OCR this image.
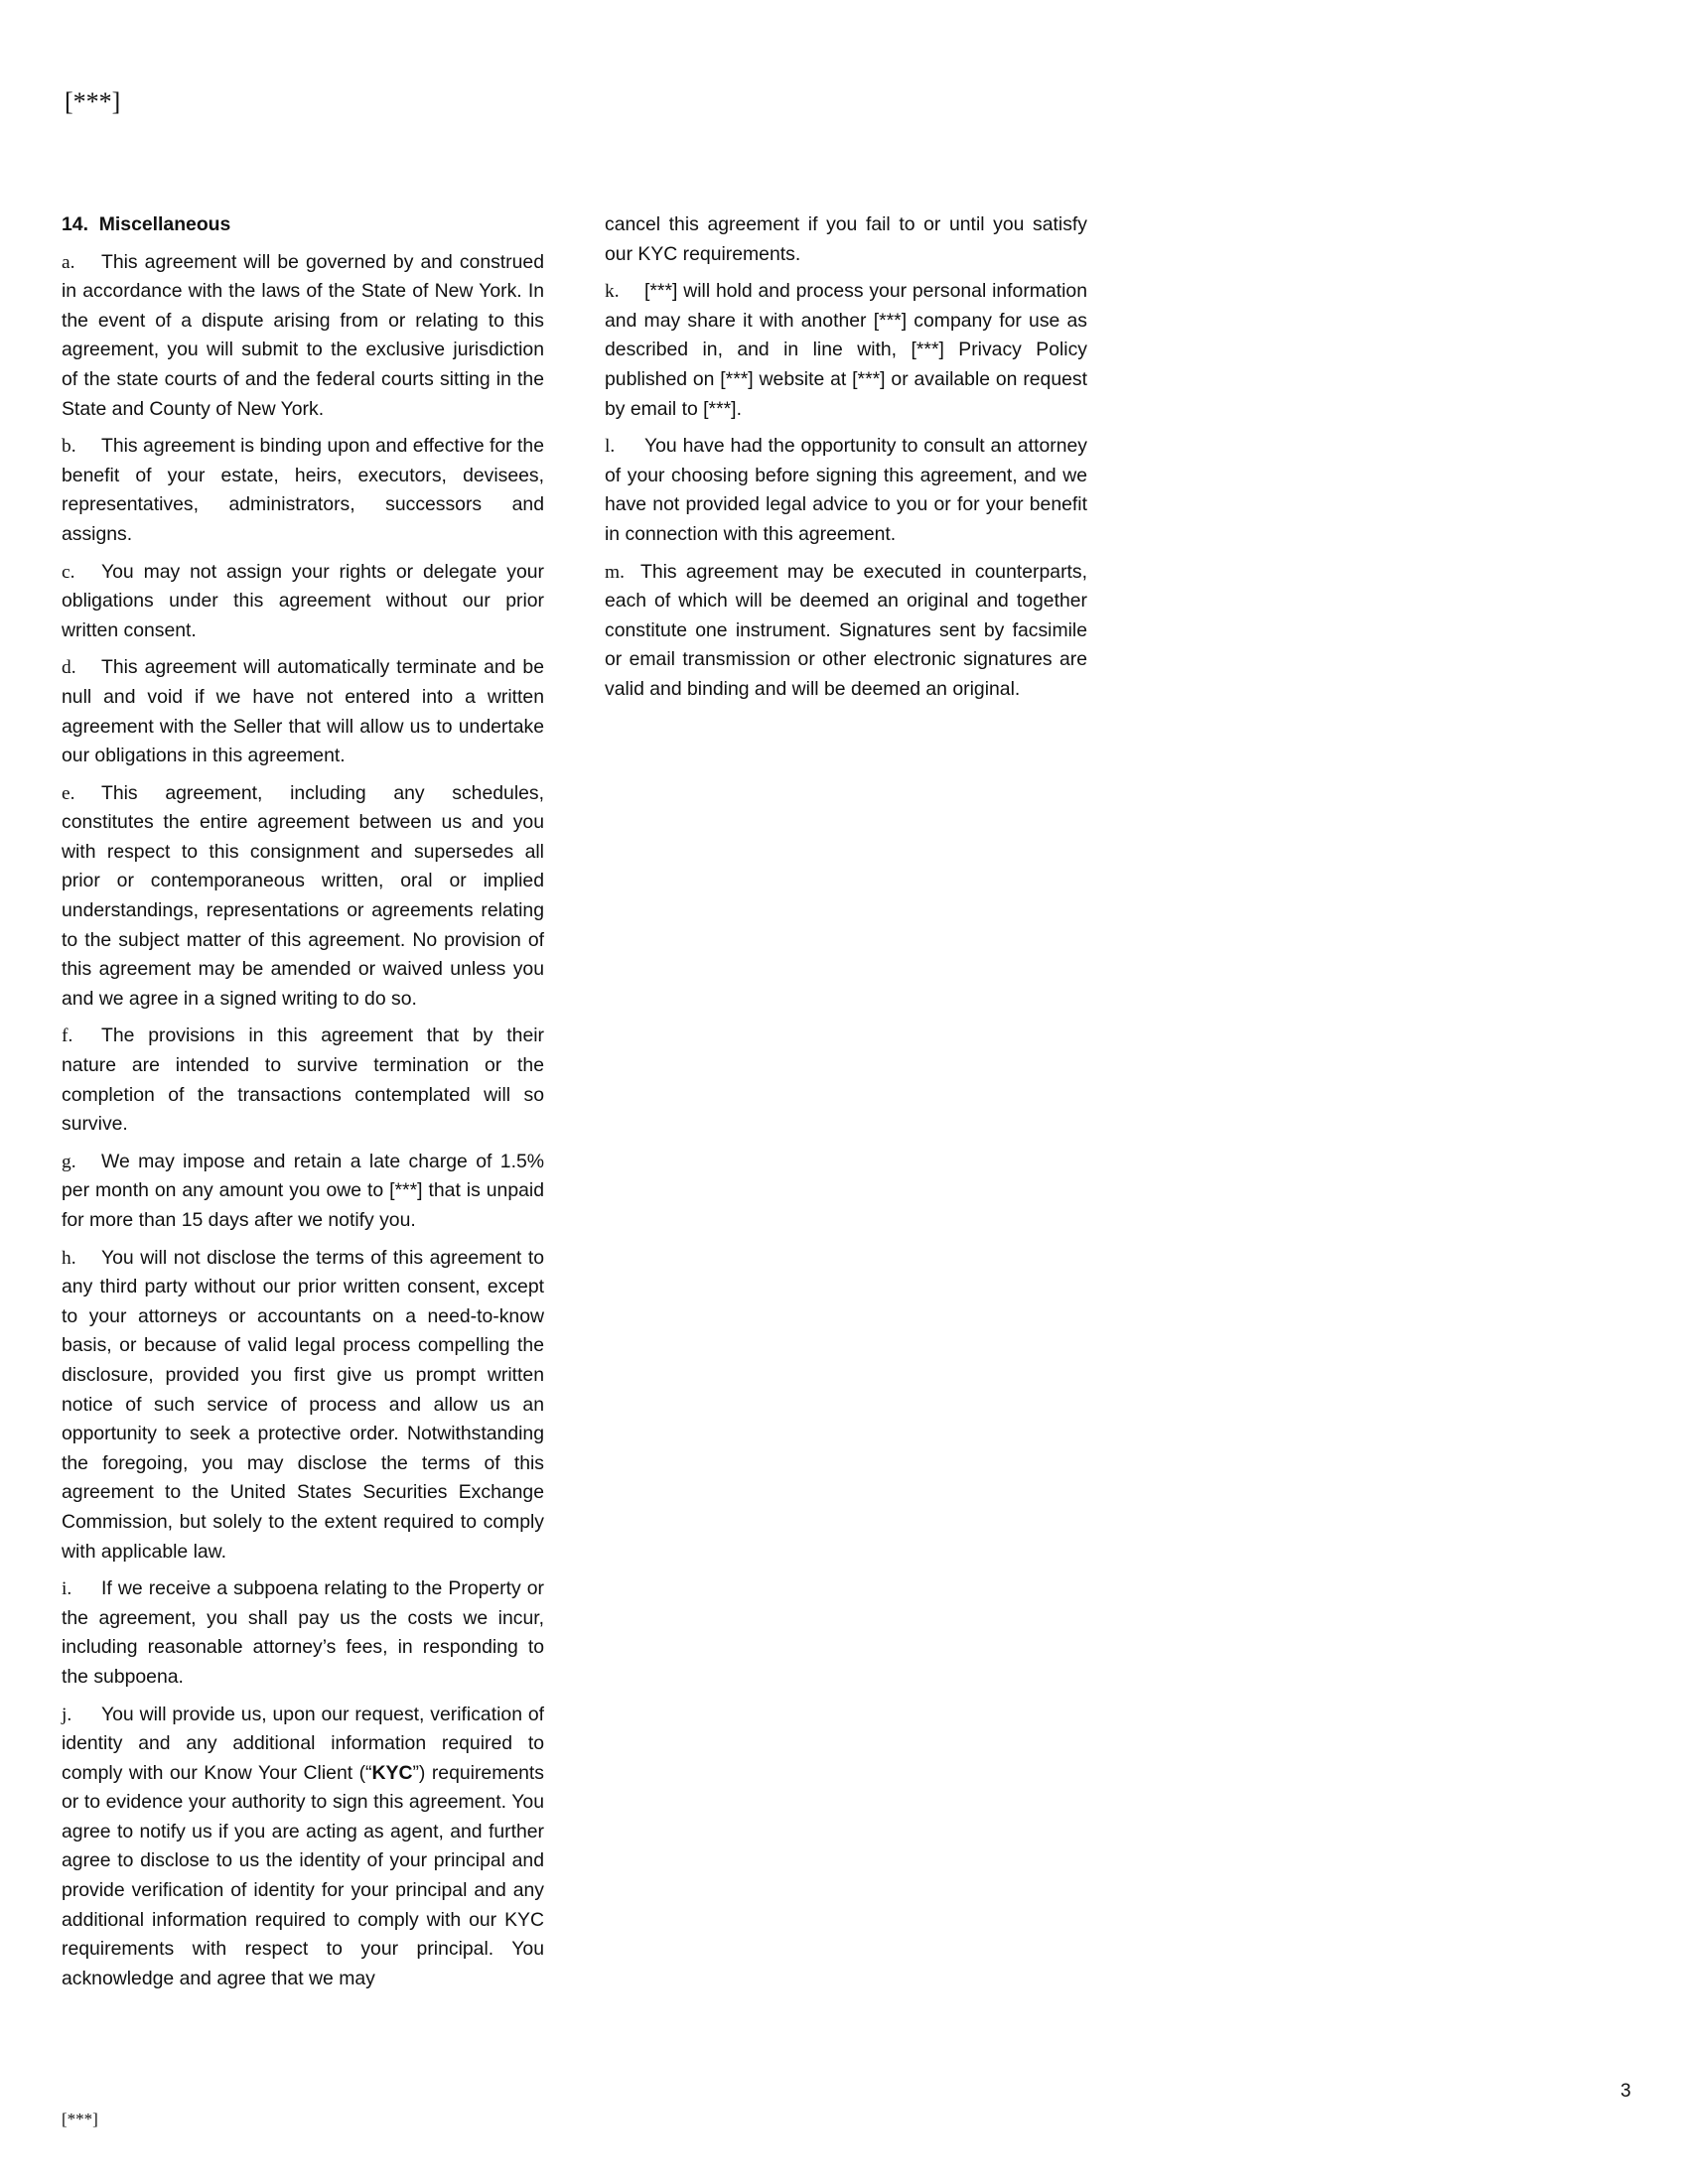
[***]
14. Miscellaneous
a. This agreement will be governed by and construed in accordance with the laws of the State of New York. In the event of a dispute arising from or relating to this agreement, you will submit to the exclusive jurisdiction of the state courts of and the federal courts sitting in the State and County of New York.
b. This agreement is binding upon and effective for the benefit of your estate, heirs, executors, devisees, representatives, administrators, successors and assigns.
c. You may not assign your rights or delegate your obligations under this agreement without our prior written consent.
d. This agreement will automatically terminate and be null and void if we have not entered into a written agreement with the Seller that will allow us to undertake our obligations in this agreement.
e. This agreement, including any schedules, constitutes the entire agreement between us and you with respect to this consignment and supersedes all prior or contemporaneous written, oral or implied understandings, representations or agreements relating to the subject matter of this agreement. No provision of this agreement may be amended or waived unless you and we agree in a signed writing to do so.
f. The provisions in this agreement that by their nature are intended to survive termination or the completion of the transactions contemplated will so survive.
g. We may impose and retain a late charge of 1.5% per month on any amount you owe to [***] that is unpaid for more than 15 days after we notify you.
h. You will not disclose the terms of this agreement to any third party without our prior written consent, except to your attorneys or accountants on a need-to-know basis, or because of valid legal process compelling the disclosure, provided you first give us prompt written notice of such service of process and allow us an opportunity to seek a protective order. Notwithstanding the foregoing, you may disclose the terms of this agreement to the United States Securities Exchange Commission, but solely to the extent required to comply with applicable law.
i. If we receive a subpoena relating to the Property or the agreement, you shall pay us the costs we incur, including reasonable attorney’s fees, in responding to the subpoena.
j. You will provide us, upon our request, verification of identity and any additional information required to comply with our Know Your Client (“KYC”) requirements or to evidence your authority to sign this agreement. You agree to notify us if you are acting as agent, and further agree to disclose to us the identity of your principal and provide verification of identity for your principal and any additional information required to comply with our KYC requirements with respect to your principal. You acknowledge and agree that we may
cancel this agreement if you fail to or until you satisfy our KYC requirements.
k. [***] will hold and process your personal information and may share it with another [***] company for use as described in, and in line with, [***] Privacy Policy published on [***] website at [***] or available on request by email to [***].
l. You have had the opportunity to consult an attorney of your choosing before signing this agreement, and we have not provided legal advice to you or for your benefit in connection with this agreement.
m. This agreement may be executed in counterparts, each of which will be deemed an original and together constitute one instrument. Signatures sent by facsimile or email transmission or other electronic signatures are valid and binding and will be deemed an original.
[***]
3
